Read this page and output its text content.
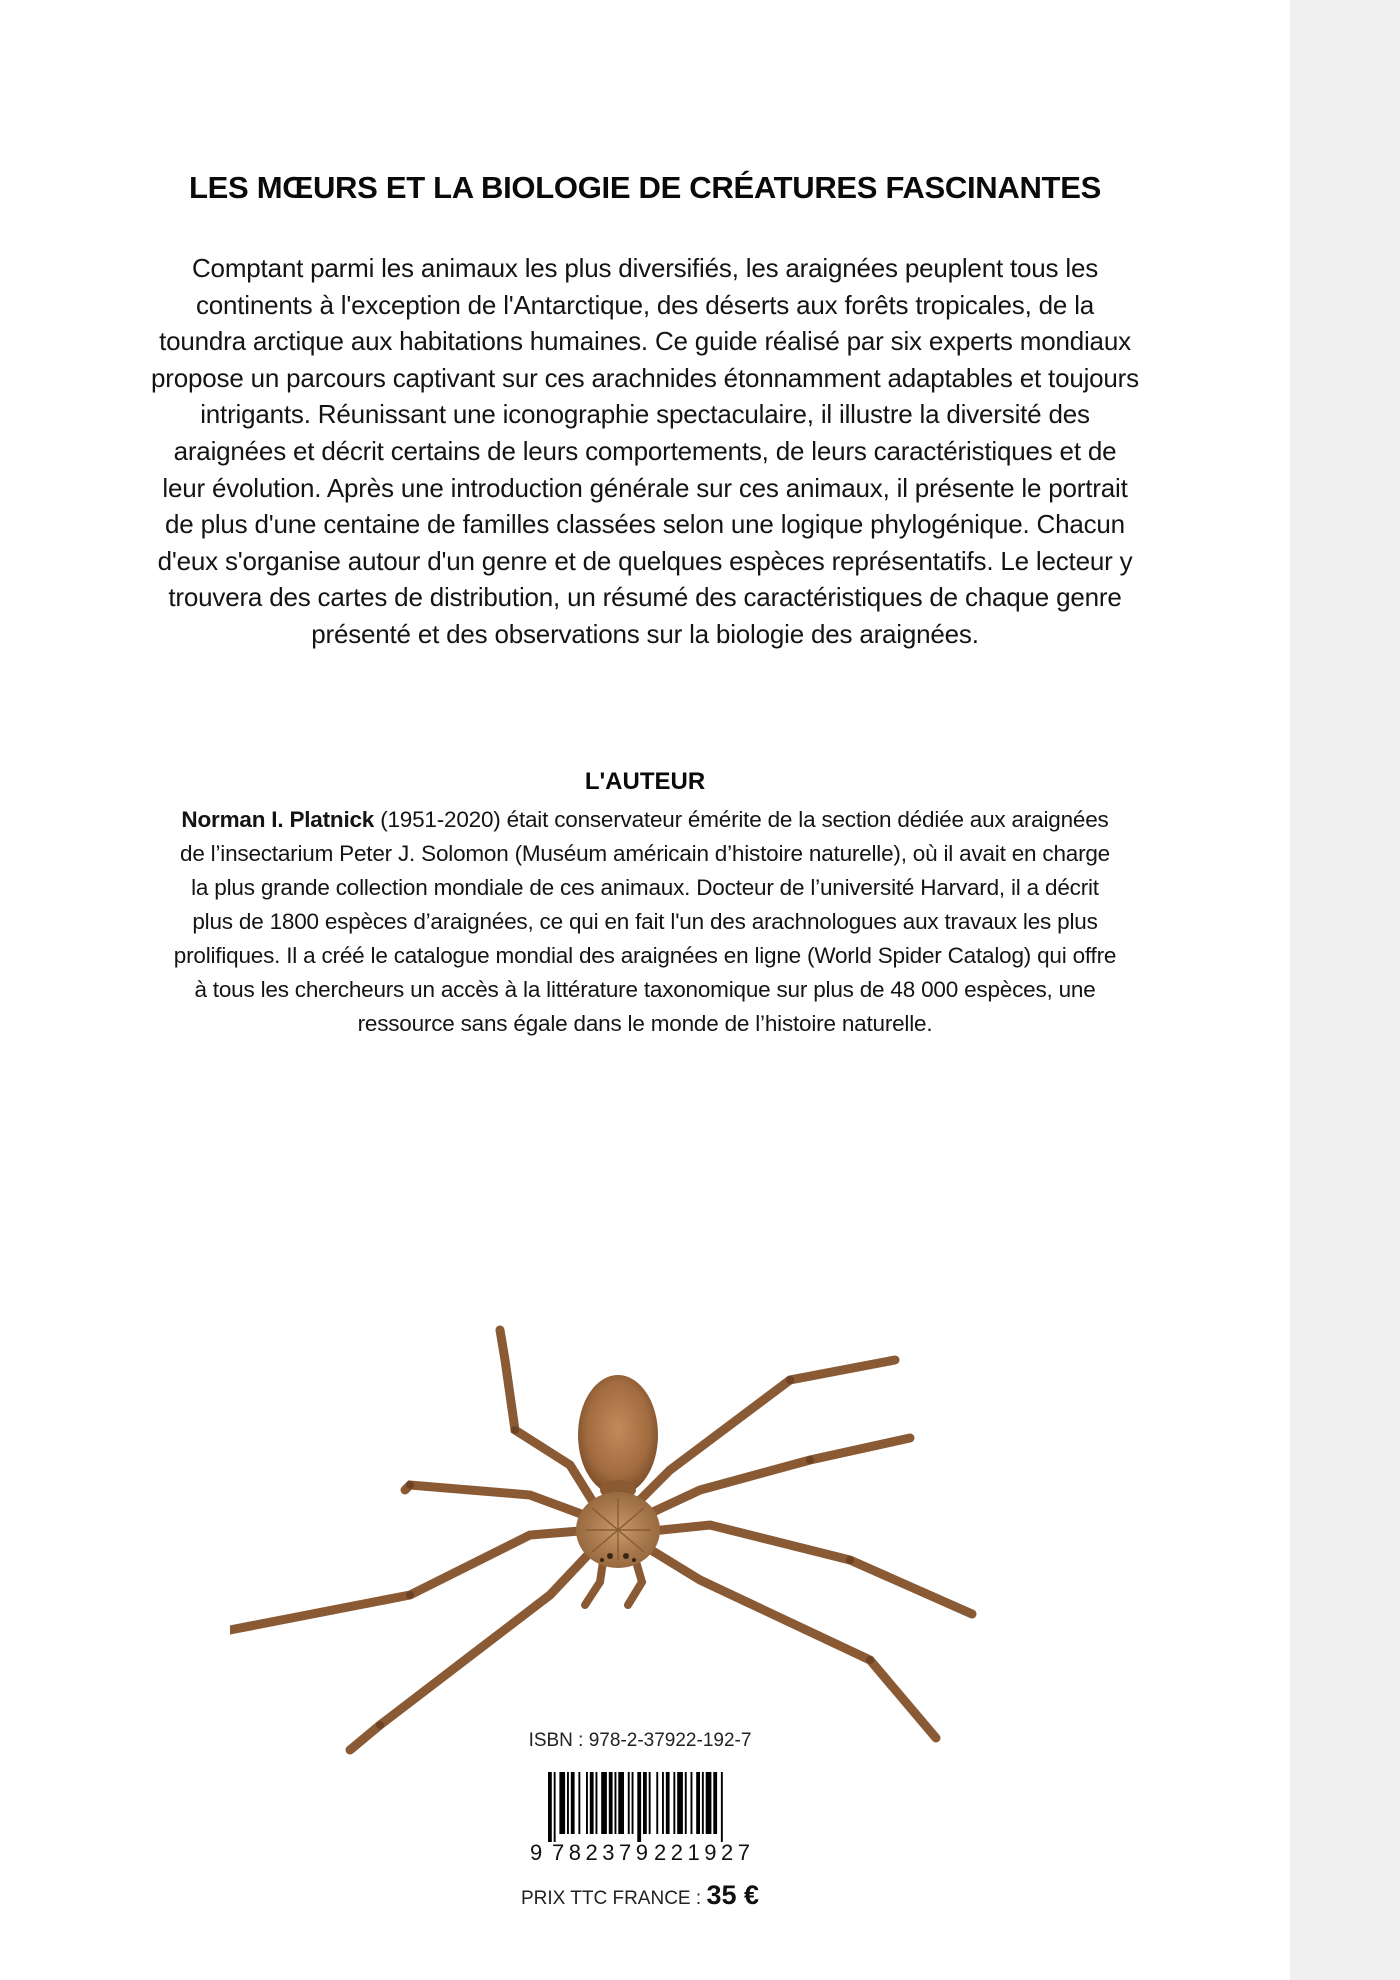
LES MŒURS ET LA BIOLOGIE DE CRÉATURES FASCINANTES
Comptant parmi les animaux les plus diversifiés, les araignées peuplent tous les continents à l'exception de l'Antarctique, des déserts aux forêts tropicales, de la toundra arctique aux habitations humaines. Ce guide réalisé par six experts mondiaux propose un parcours captivant sur ces arachnides étonnamment adaptables et toujours intrigants. Réunissant une iconographie spectaculaire, il illustre la diversité des araignées et décrit certains de leurs comportements, de leurs caractéristiques et de leur évolution. Après une introduction générale sur ces animaux, il présente le portrait de plus d'une centaine de familles classées selon une logique phylogénique. Chacun d'eux s'organise autour d'un genre et de quelques espèces représentatifs. Le lecteur y trouvera des cartes de distribution, un résumé des caractéristiques de chaque genre présenté et des observations sur la biologie des araignées.
L'AUTEUR
Norman I. Platnick (1951-2020) était conservateur émérite de la section dédiée aux araignées de l’insectarium Peter J. Solomon (Muséum américain d’histoire naturelle), où il avait en charge la plus grande collection mondiale de ces animaux. Docteur de l’université Harvard, il a décrit plus de 1800 espèces d’araignées, ce qui en fait l'un des arachnologues aux travaux les plus prolifiques. Il a créé le catalogue mondial des araignées en ligne (World Spider Catalog) qui offre à tous les chercheurs un accès à la littérature taxonomique sur plus de 48 000 espèces, une ressource sans égale dans le monde de l’histoire naturelle.
ISBN : 978-2-37922-192-7
9 782379 221927
PRIX TTC FRANCE : 35 €
